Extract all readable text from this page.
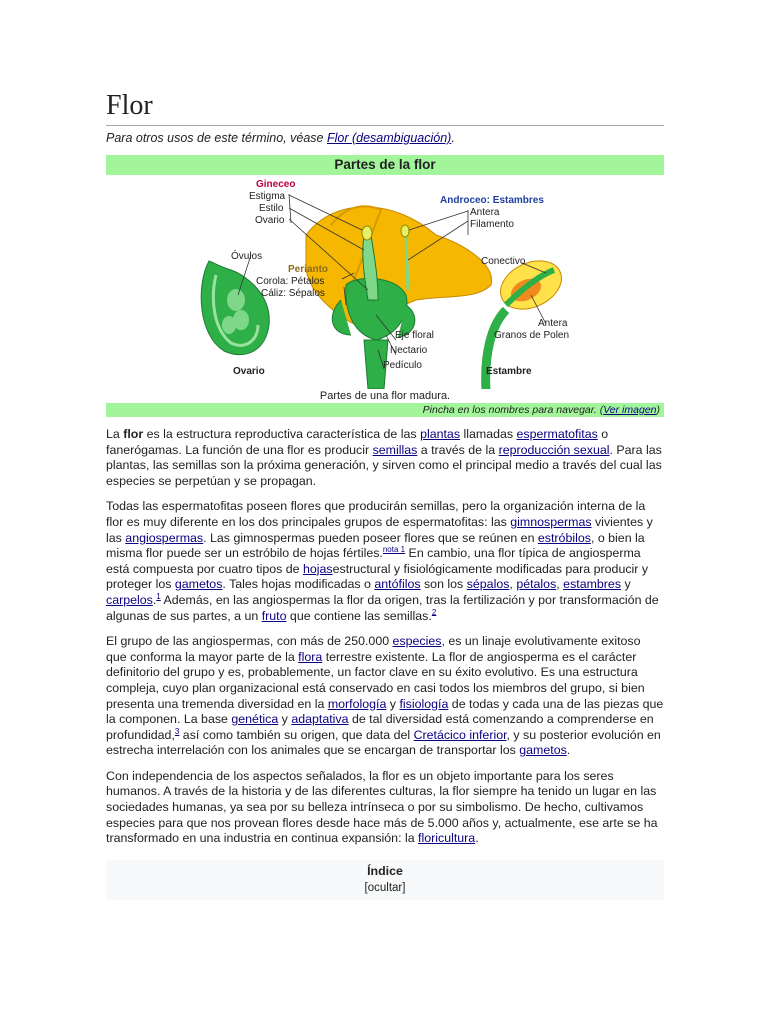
Flor
Para otros usos de este término, véase Flor (desambiguación).
Partes de la flor
Gineceo
Estigma
Estilo
Ovario
Óvulos
Perianto
Corola: Pétalos
Cáliz: Sépalos
Androceo: Estambres
Antera
Filamento
Conectivo
Antera
Granos de Polen
Eje floral
Nectario
Pedículo
Ovario	Estambre
Partes de una flor madura.
Pincha en los nombres para navegar. (Ver imagen)

La flor es la estructura reproductiva característica de las plantas llamadas espermatofitas o fanerógamas. La función de una flor es producir semillas a través de la reproducción sexual. Para las plantas, las semillas son la próxima generación, y sirven como el principal medio a través del cual las especies se perpetúan y se propagan.

Todas las espermatofitas poseen flores que producirán semillas, pero la organización interna de la flor es muy diferente en los dos principales grupos de espermatofitas: las gimnospermas vivientes y las angiospermas. Las gimnospermas pueden poseer flores que se reúnen en estróbilos, o bien la misma flor puede ser un estróbilo de hojas fértiles.$^{nota 1}$ En cambio, una flor típica de angiosperma está compuesta por cuatro tipos de hojasestructural y fisiológicamente modificadas para producir y proteger los gametos. Tales hojas modificadas o antófilos son los sépalos, pétalos, estambres y carpelos.$^1$ Además, en las angiospermas la flor da origen, tras la fertilización y por transformación de algunas de sus partes, a un fruto que contiene las semillas.$^2$

El grupo de las angiospermas, con más de 250.000 especies, es un linaje evolutivamente exitoso que conforma la mayor parte de la flora terrestre existente. La flor de angiosperma es el carácter definitorio del grupo y es, probablemente, un factor clave en su éxito evolutivo. Es una estructura compleja, cuyo plan organizacional está conservado en casi todos los miembros del grupo, si bien presenta una tremenda diversidad en la morfología y fisiología de todas y cada una de las piezas que la componen. La base genética y adaptativa de tal diversidad está comenzando a comprenderse en profundidad,$^3$ así como también su origen, que data del Cretácico inferior, y su posterior evolución en estrecha interrelación con los animales que se encargan de transportar los gametos.

Con independencia de los aspectos señalados, la flor es un objeto importante para los seres humanos. A través de la historia y de las diferentes culturas, la flor siempre ha tenido un lugar en las sociedades humanas, ya sea por su belleza intrínseca o por su simbolismo. De hecho, cultivamos especies para que nos provean flores desde hace más de 5.000 años y, actualmente, ese arte se ha transformado en una industria en continua expansión: la floricultura.

Índice
[ocultar]
